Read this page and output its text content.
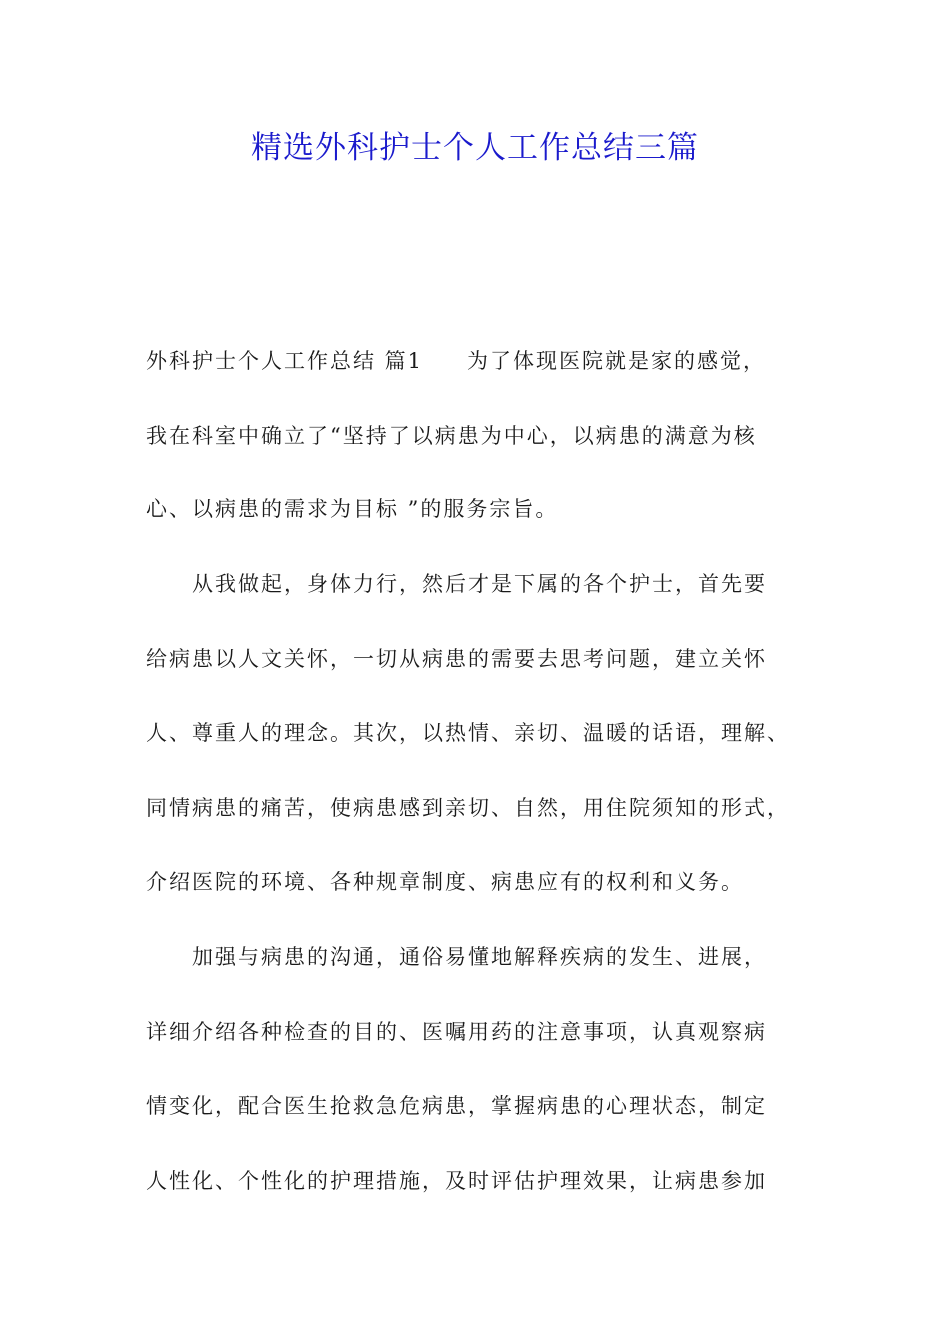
精选外科护士个人工作总结三篇
外科护士个人工作总结 篇1 为了体现医院就是家的感觉，
我在科室中确立了“坚持了以病患为中心，以病患的满意为核
心、以病患的需求为目标 ”的服务宗旨。
从我做起，身体力行，然后才是下属的各个护士，首先要
给病患以人文关怀，一切从病患的需要去思考问题，建立关怀
人、尊重人的理念。其次，以热情、亲切、温暖的话语，理解、
同情病患的痛苦，使病患感到亲切、自然，用住院须知的形式，
介绍医院的环境、各种规章制度、病患应有的权利和义务。
加强与病患的沟通，通俗易懂地解释疾病的发生、进展，
详细介绍各种检查的目的、医嘱用药的注意事项，认真观察病
情变化，配合医生抢救急危病患，掌握病患的心理状态，制定
人性化、个性化的护理措施，及时评估护理效果，让病患参加
